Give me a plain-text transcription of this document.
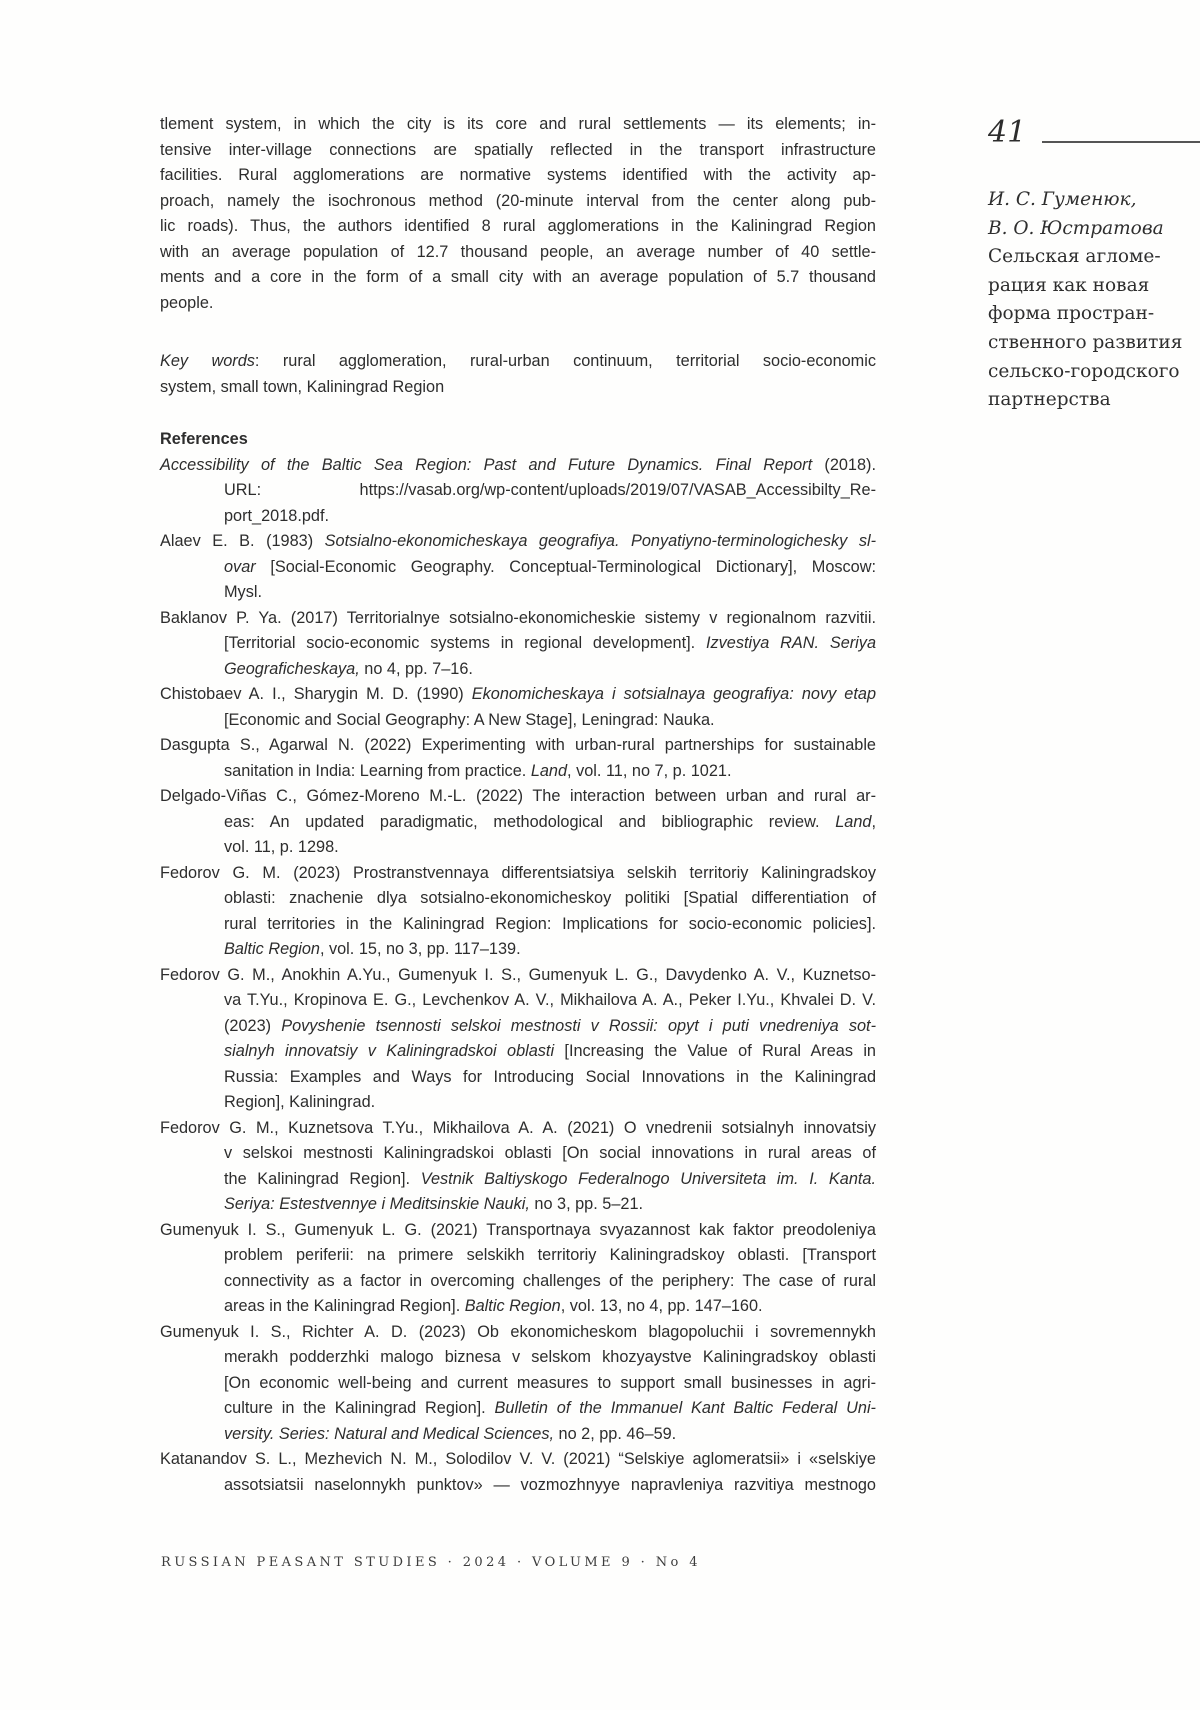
tlement system, in which the city is its core and rural settlements — its elements; in-
tensive inter-village connections are spatially reflected in the transport infrastructure
facilities. Rural agglomerations are normative systems identified with the activity ap-
proach, namely the isochronous method (20-minute interval from the center along pub-
lic roads). Thus, the authors identified 8 rural agglomerations in the Kaliningrad Region
with an average population of 12.7 thousand people, an average number of 40 settle-
ments and a core in the form of a small city with an average population of 5.7 thousand
people.
Key words: rural agglomeration, rural-urban continuum, territorial socio-economic
system, small town, Kaliningrad Region
References
Accessibility of the Baltic Sea Region: Past and Future Dynamics. Final Report (2018).
URL: https://vasab.org/wp-content/uploads/2019/07/VASAB_Accessibilty_Re-
port_2018.pdf.
Alaev E. B. (1983) Sotsialno-ekonomicheskaya geografiya. Ponyatiyno-terminologichesky sl-
ovar [Social-Economic Geography. Conceptual-Terminological Dictionary], Moscow:
Mysl.
Baklanov P. Ya. (2017) Territorialnye sotsialno-ekonomicheskie sistemy v regionalnom razvitii.
[Territorial socio-economic systems in regional development]. Izvestiya RAN. Seriya
Geograficheskaya, no 4, pp. 7–16.
Chistobaev A. I., Sharygin M. D. (1990) Ekonomicheskaya i sotsialnaya geografiya: novy etap
[Economic and Social Geography: A New Stage], Leningrad: Nauka.
Dasgupta S., Agarwal N. (2022) Experimenting with urban-rural partnerships for sustainable
sanitation in India: Learning from practice. Land, vol. 11, no 7, p. 1021.
Delgado-Viñas C., Gómez-Moreno M.-L. (2022) The interaction between urban and rural ar-
eas: An updated paradigmatic, methodological and bibliographic review. Land,
vol. 11, p. 1298.
Fedorov G. M. (2023) Prostranstvennaya differentsiatsiya selskih territoriy Kaliningradskoy
oblasti: znachenie dlya sotsialno-ekonomicheskoy politiki [Spatial differentiation of
rural territories in the Kaliningrad Region: Implications for socio-economic policies].
Baltic Region, vol. 15, no 3, pp. 117–139.
Fedorov G. M., Anokhin A.Yu., Gumenyuk I. S., Gumenyuk L. G., Davydenko A. V., Kuznetso-
va T.Yu., Kropinova E. G., Levchenkov A. V., Mikhailova A. A., Peker I.Yu., Khvalei D. V.
(2023) Povyshenie tsennosti selskoi mestnosti v Rossii: opyt i puti vnedreniya sot-
sialnyh innovatsiy v Kaliningradskoi oblasti [Increasing the Value of Rural Areas in
Russia: Examples and Ways for Introducing Social Innovations in the Kaliningrad
Region], Kaliningrad.
Fedorov G. M., Kuznetsova T.Yu., Mikhailova A. A. (2021) O vnedrenii sotsialnyh innovatsiy
v selskoi mestnosti Kaliningradskoi oblasti [On social innovations in rural areas of
the Kaliningrad Region]. Vestnik Baltiyskogo Federalnogo Universiteta im. I. Kanta.
Seriya: Estestvennye i Meditsinskie Nauki, no 3, pp. 5–21.
Gumenyuk I. S., Gumenyuk L. G. (2021) Transportnaya svyazannost kak faktor preodoleniya
problem periferii: na primere selskikh territoriy Kaliningradskoy oblasti. [Transport
connectivity as a factor in overcoming challenges of the periphery: The case of rural
areas in the Kaliningrad Region]. Baltic Region, vol. 13, no 4, pp. 147–160.
Gumenyuk I. S., Richter A. D. (2023) Ob ekonomicheskom blagopoluchii i sovremennykh
merakh podderzhki malogo biznesa v selskom khozyaystve Kaliningradskoy oblasti
[On economic well-being and current measures to support small businesses in agri-
culture in the Kaliningrad Region]. Bulletin of the Immanuel Kant Baltic Federal Uni-
versity. Series: Natural and Medical Sciences, no 2, pp. 46–59.
Katanandov S. L., Mezhevich N. M., Solodilov V. V. (2021) “Selskiye aglomeratsii» i «selskiye
assotsiatsii naselonnykh punktov» — vozmozhnyye napravleniya razvitiya mestnogo
41
И. С. Гуменюк,
В. О. Юстратова
Сельская агломе-
рация как новая
форма простран-
ственного развития
сельско-городского
партнерства
RUSSIAN PEASANT STUDIES · 2024 · VOLUME 9 · No 4
